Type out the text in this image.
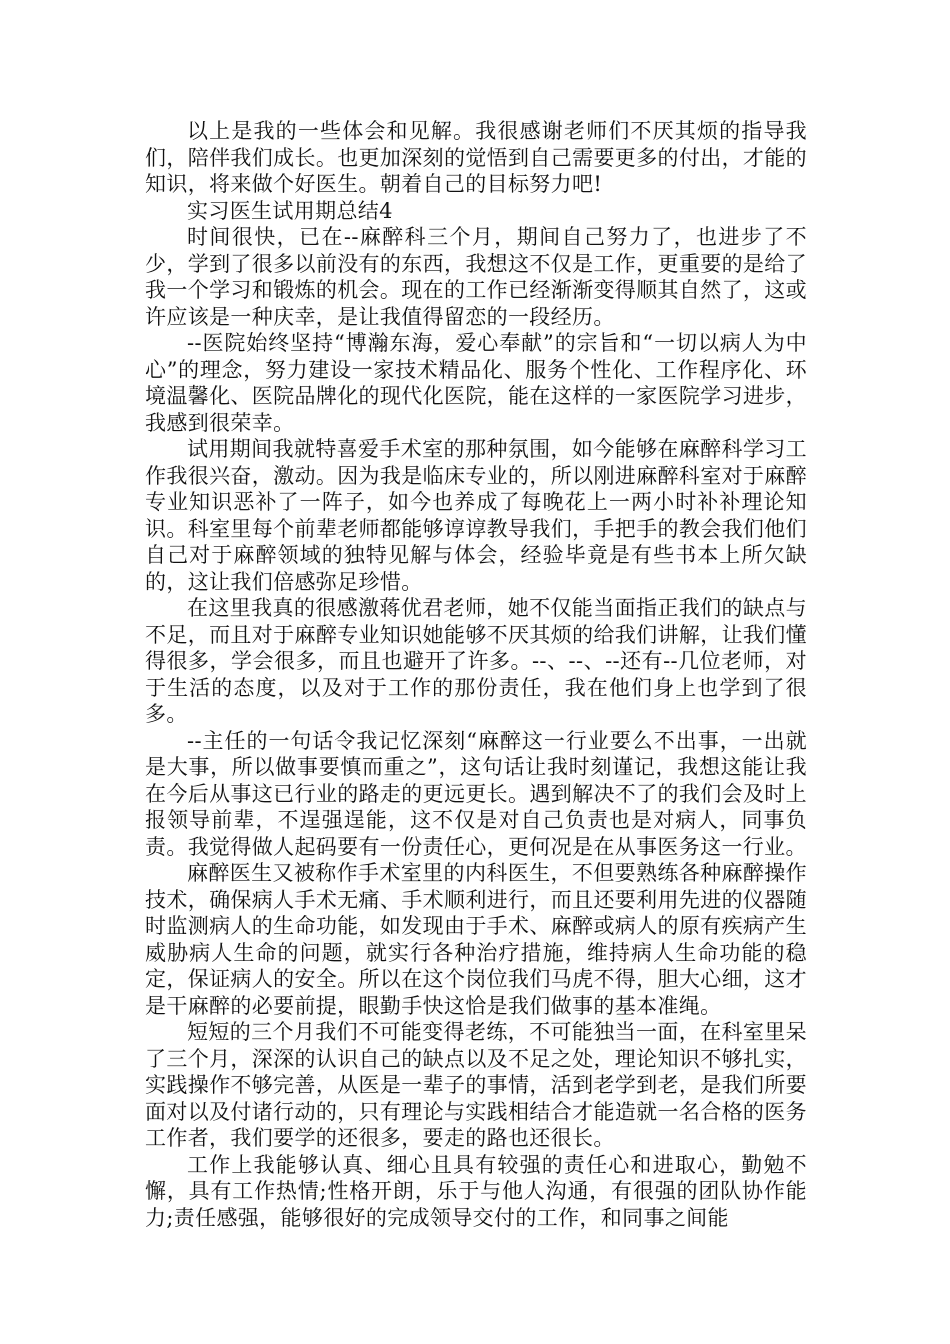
以上是我的一些体会和见解。我很感谢老师们不厌其烦的指导我们，陪伴我们成长。也更加深刻的觉悟到自己需要更多的付出，才能的知识，将来做个好医生。朝着自己的目标努力吧!

实习医生试用期总结4

时间很快，已在--麻醉科三个月，期间自己努力了，也进步了不少，学到了很多以前没有的东西，我想这不仅是工作，更重要的是给了我一个学习和锻炼的机会。现在的工作已经渐渐变得顺其自然了，这或许应该是一种庆幸，是让我值得留恋的一段经历。

--医院始终坚持“博瀚东海，爱心奉献”的宗旨和“一切以病人为中心”的理念，努力建设一家技术精品化、服务个性化、工作程序化、环境温馨化、医院品牌化的现代化医院，能在这样的一家医院学习进步，我感到很荣幸。

试用期间我就特喜爱手术室的那种氛围，如今能够在麻醉科学习工作我很兴奋，激动。因为我是临床专业的，所以刚进麻醉科室对于麻醉专业知识恶补了一阵子，如今也养成了每晚花上一两小时补补理论知识。科室里每个前辈老师都能够谆谆教导我们，手把手的教会我们他们自己对于麻醉领域的独特见解与体会，经验毕竟是有些书本上所欠缺的，这让我们倍感弥足珍惜。

在这里我真的很感激蒋优君老师，她不仅能当面指正我们的缺点与不足，而且对于麻醉专业知识她能够不厌其烦的给我们讲解，让我们懂得很多，学会很多，而且也避开了许多。--、--、--还有--几位老师，对于生活的态度，以及对于工作的那份责任，我在他们身上也学到了很多。

--主任的一句话令我记忆深刻“麻醉这一行业要么不出事，一出就是大事，所以做事要慎而重之”，这句话让我时刻谨记，我想这能让我在今后从事这已行业的路走的更远更长。遇到解决不了的我们会及时上报领导前辈，不逞强逞能，这不仅是对自己负责也是对病人，同事负责。我觉得做人起码要有一份责任心，更何况是在从事医务这一行业。

麻醉医生又被称作手术室里的内科医生，不但要熟练各种麻醉操作技术，确保病人手术无痛、手术顺利进行，而且还要利用先进的仪器随时监测病人的生命功能，如发现由于手术、麻醉或病人的原有疾病产生威胁病人生命的问题，就实行各种治疗措施，维持病人生命功能的稳定，保证病人的安全。所以在这个岗位我们马虎不得，胆大心细，这才是干麻醉的必要前提，眼勤手快这恰是我们做事的基本准绳。

短短的三个月我们不可能变得老练，不可能独当一面，在科室里呆了三个月，深深的认识自己的缺点以及不足之处，理论知识不够扎实，实践操作不够完善，从医是一辈子的事情，活到老学到老，是我们所要面对以及付诸行动的，只有理论与实践相结合才能造就一名合格的医务工作者，我们要学的还很多，要走的路也还很长。

工作上我能够认真、细心且具有较强的责任心和进取心，勤勉不懈，具有工作热情;性格开朗，乐于与他人沟通，有很强的团队协作能力;责任感强，能够很好的完成领导交付的工作，和同事之间能
